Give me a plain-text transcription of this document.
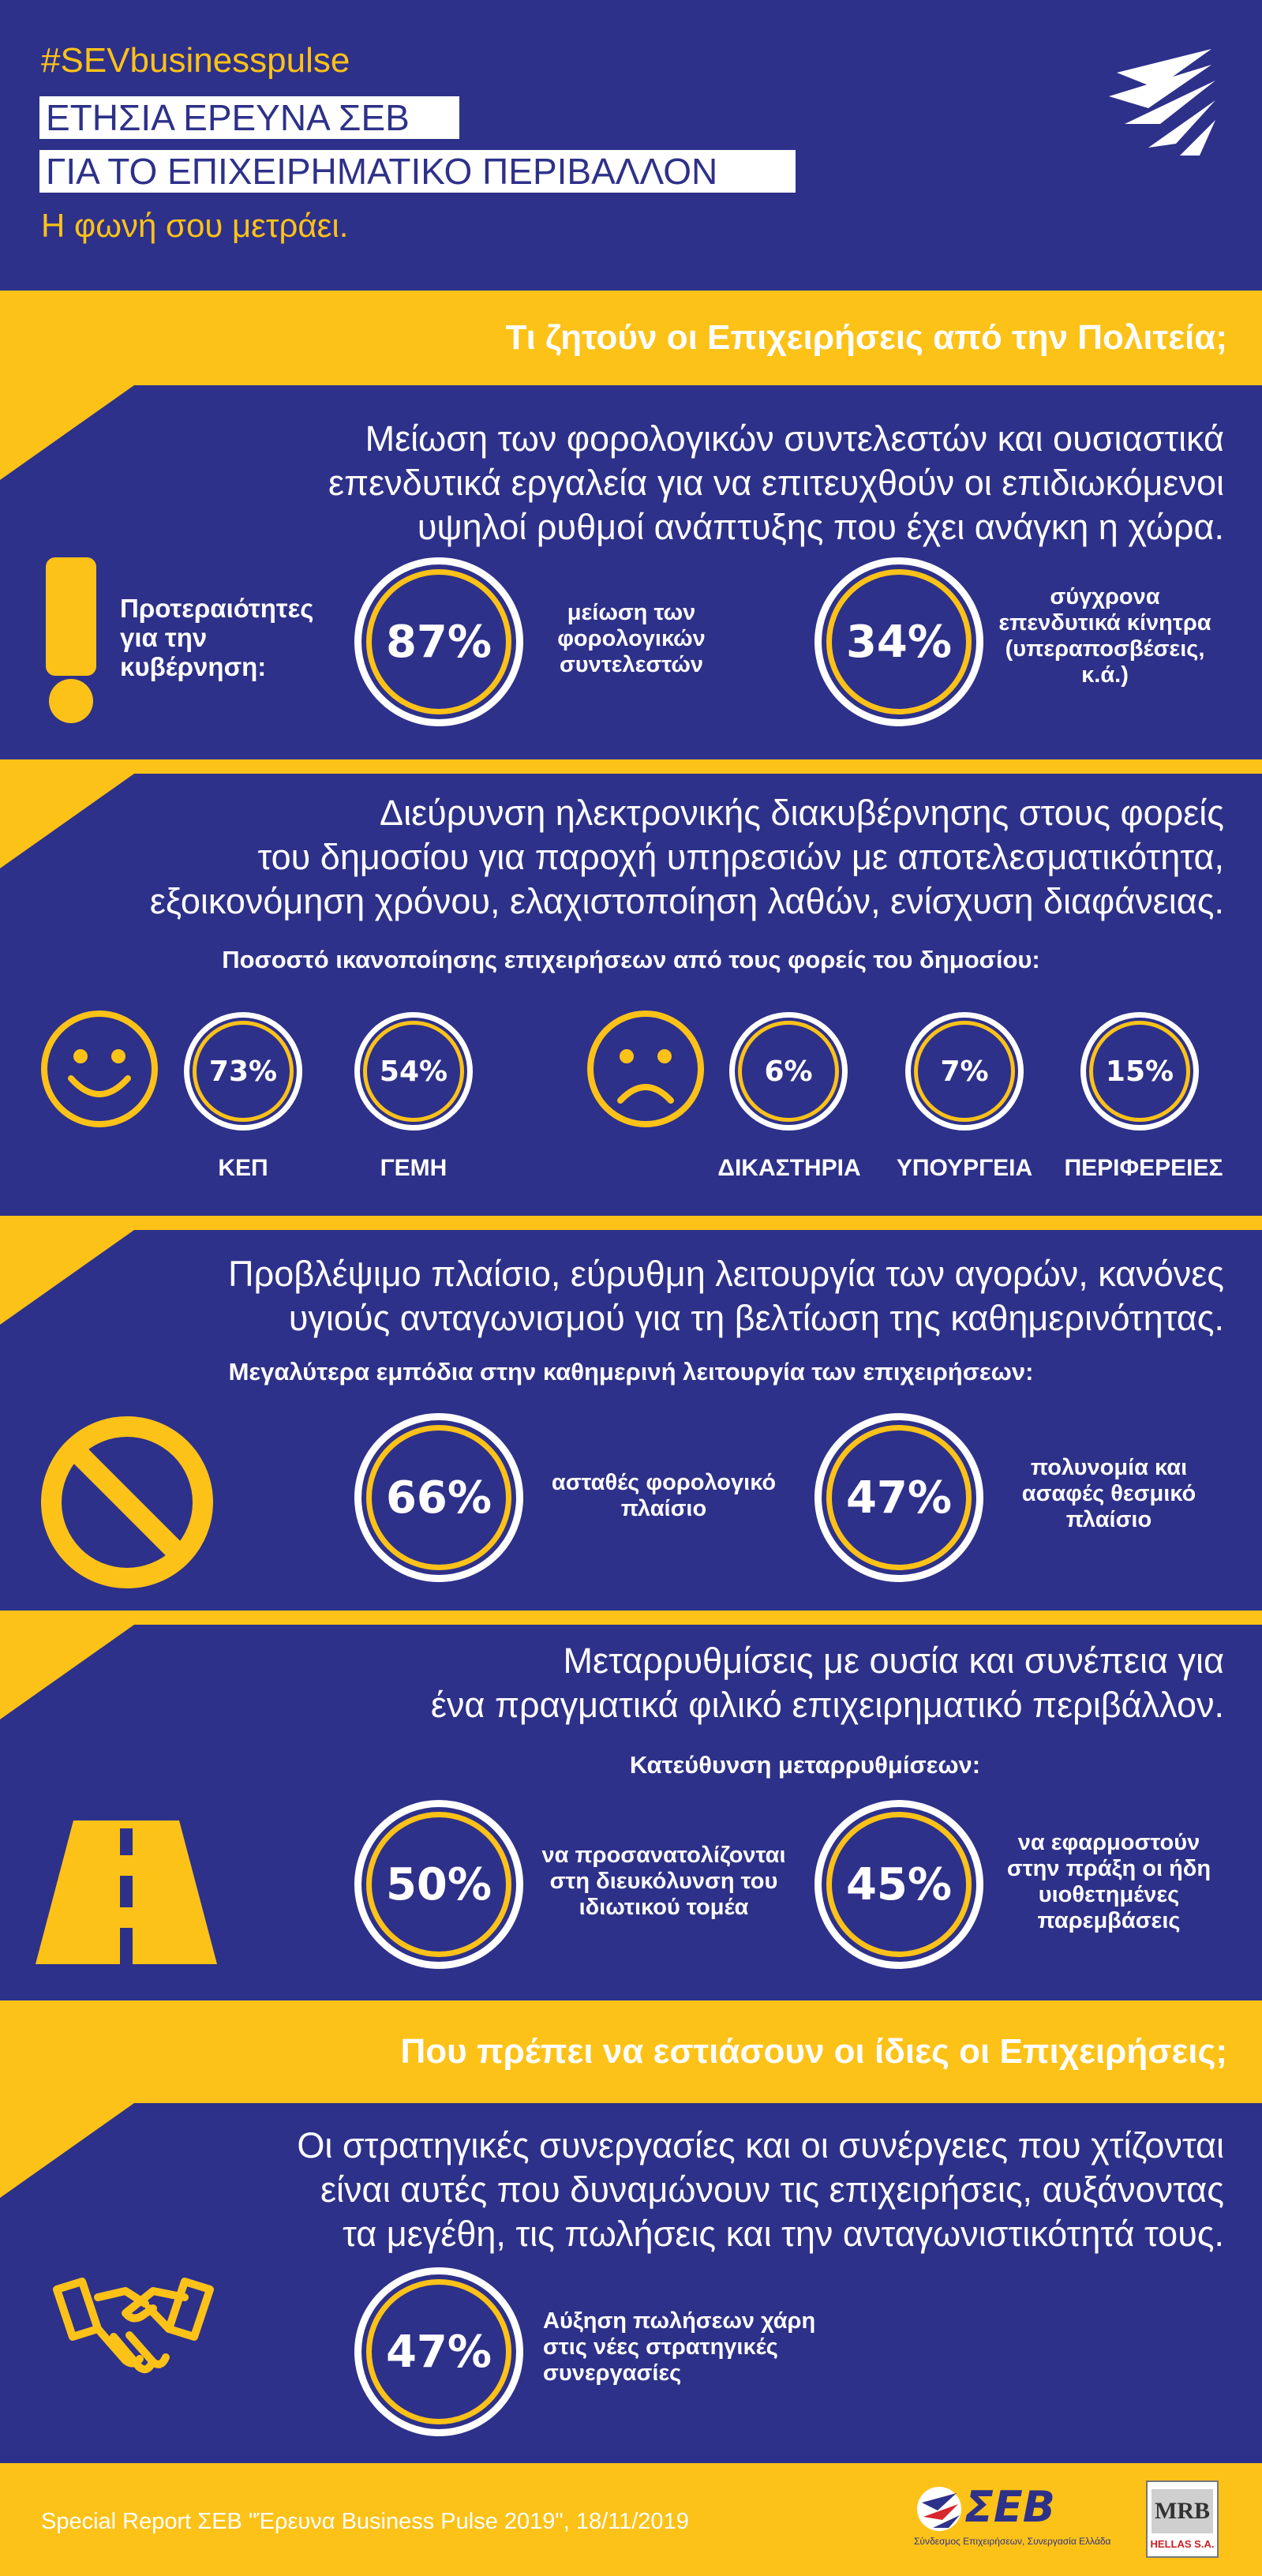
#SEVbusinesspulse
ΕΤΗΣΙΑ ΕΡΕΥΝΑ ΣΕΒ
ΓΙΑ ΤΟ ΕΠΙΧΕΙΡΗΜΑΤΙΚΟ ΠΕΡΙΒΑΛΛΟΝ
Η φωνή σου μετράει.
Τι ζητούν οι Επιχειρήσεις από την Πολιτεία;
Μείωση των φορολογικών συντελεστών και ουσιαστικά
επενδυτικά εργαλεία για να επιτευχθούν οι επιδιωκόμενοι
υψηλοί ρυθμοί ανάπτυξης που έχει ανάγκη η χώρα.
Προτεραιότητες
για την
κυβέρνηση:	87%
μείωση των
φορολογικών
συντελεστών	34%
σύγχρονα
επενδυτικά κίνητρα
(υπεραποσβέσεις,
κ.ά.)
Διεύρυνση ηλεκτρονικής διακυβέρνησης στους φορείς
του δημοσίου για παροχή υπηρεσιών με αποτελεσματικότητα,
εξοικονόμηση χρόνου, ελαχιστοποίηση λαθών, ενίσχυση διαφάνειας.
Ποσοστό ικανοποίησης επιχειρήσεων από τους φορείς του δημοσίου:
73%	54%	6%	7%	15%
ΚΕΠ	ΓΕΜΗ	ΔΙΚΑΣΤΗΡΙΑ	ΥΠΟΥΡΓΕΙΑ	ΠΕΡΙΦΕΡΕΙΕΣ
Προβλέψιμο πλαίσιο, εύρυθμη λειτουργία των αγορών, κανόνες
υγιούς ανταγωνισμού για τη βελτίωση της καθημερινότητας.
Μεγαλύτερα εμπόδια στην καθημερινή λειτουργία των επιχειρήσεων:
66%	ασταθές φορολογικό
πλαίσιο	47%
πολυνομία και
ασαφές θεσμικό
πλαίσιο
Μεταρρυθμίσεις με ουσία και συνέπεια για
ένα πραγματικά φιλικό επιχειρηματικό περιβάλλον.
Κατεύθυνση μεταρρυθμίσεων:
50%
να προσανατολίζονται
στη διευκόλυνση του
ιδιωτικού τομέα	45%
να εφαρμοστούν
στην πράξη οι ήδη
υιοθετημένες
παρεμβάσεις
Που πρέπει να εστιάσουν οι ίδιες οι Επιχειρήσεις;
Οι στρατηγικές συνεργασίες και οι συνέργειες που χτίζονται
είναι αυτές που δυναμώνουν τις επιχειρήσεις, αυξάνοντας
τα μεγέθη, τις πωλήσεις και την ανταγωνιστικότητά τους.
47%
Αύξηση πωλήσεων χάρη
στις νέες στρατηγικές
συνεργασίες
Special Report ΣΕΒ "Έρευνα Business Pulse 2019", 18/11/2019	ΣΕΒ
Σύνδεσμος Επιχειρήσεων, Συνεργασία Ελλάδα
MRB
HELLAS S.A.
